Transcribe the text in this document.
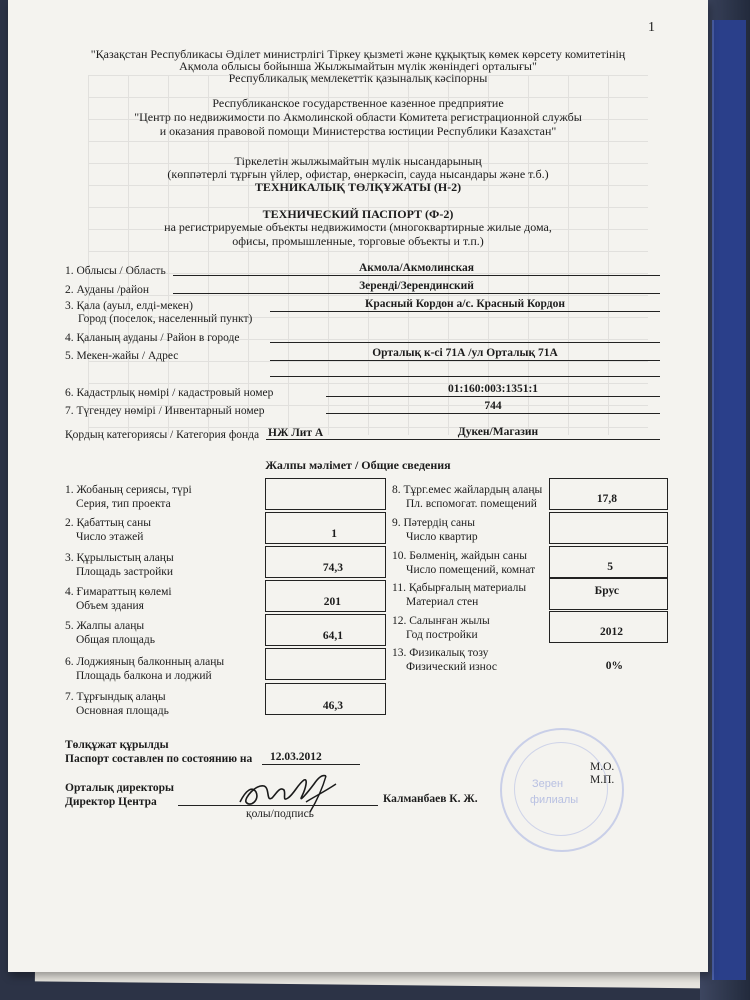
1
"Қазақстан Республикасы Әділет министрлігі Тіркеу қызметі және құқықтық көмек көрсету комитетінің
Ақмола облысы бойынша Жылжымайтын мүлік жөніндегі орталығы"
Республикалық мемлекеттік қазыналық кәсіпорны
Республиканское государственное казенное предприятие
"Центр по недвижимости по Акмолинской области Комитета регистрационной службы
и оказания правовой помощи Министерства юстиции Республики Казахстан"
Тіркелетін жылжымайтын мүлік нысандарының
(көппәтерлі тұрғын үйлер, офистар, өнеркәсіп, сауда нысандары және т.б.)
ТЕХНИКАЛЫҚ ТӨЛҚҰЖАТЫ (Н-2)
ТЕХНИЧЕСКИЙ ПАСПОРТ (Ф-2)
на регистрируемые объекты недвижимости (многоквартирные жилые дома,
офисы, промышленные, торговые объекты и т.п.)
1. Облысы / Область	Акмола/Акмолинская
2. Ауданы /район	Зеренді/Зерендинский
3. Қала (ауыл, елді-мекен)
Город (поселок, населенный пункт)
Красный Кордон а/с. Красный Кордон
4. Қаланың ауданы / Район в городе
5. Мекен-жайы / Адрес	Орталық к-сі 71А /ул Орталық 71А
6. Кадастрлық нөмірі / кадастровый номер	01:160:003:1351:1
7. Түгендеу нөмірі / Инвентарный номер	744
Қордың категориясы / Категория фонда НЖ Лит А	Дукен/Магазин
Жалпы мәлімет / Общие сведения
1. Жобаның сериясы, түрі
Серия, тип проекта
2. Қабаттың саны
Число этажей	1
3. Құрылыстың алаңы
Площадь застройки	74,3
4. Ғимараттың көлемі
Объем здания	201
5. Жалпы алаңы
Общая площадь	64,1
6. Лоджияның балконның алаңы
Площадь балкона и лоджий
7. Тұрғындық алаңы
Основная площадь	46,3
8. Тұрг.емес жайлардың алаңы
Пл. вспомогат. помещений	17,8
9. Пәтердің саны
Число квартир
10. Бөлменің, жайдын саны
Число помещений, комнат	5
11. Қабырғалың материалы
Материал стен
Брус
12. Салынған жылы
Год постройки	2012
13. Физикалық тозу
Физический износ	0%
Төлқұжат құрылды
Паспорт составлен по состоянию на 12.03.2012
Орталық директоры
Директор Центра
қолы/подпись
Калманбаев К. Ж.
М.О.
М.П.
Зерен
филиалы
